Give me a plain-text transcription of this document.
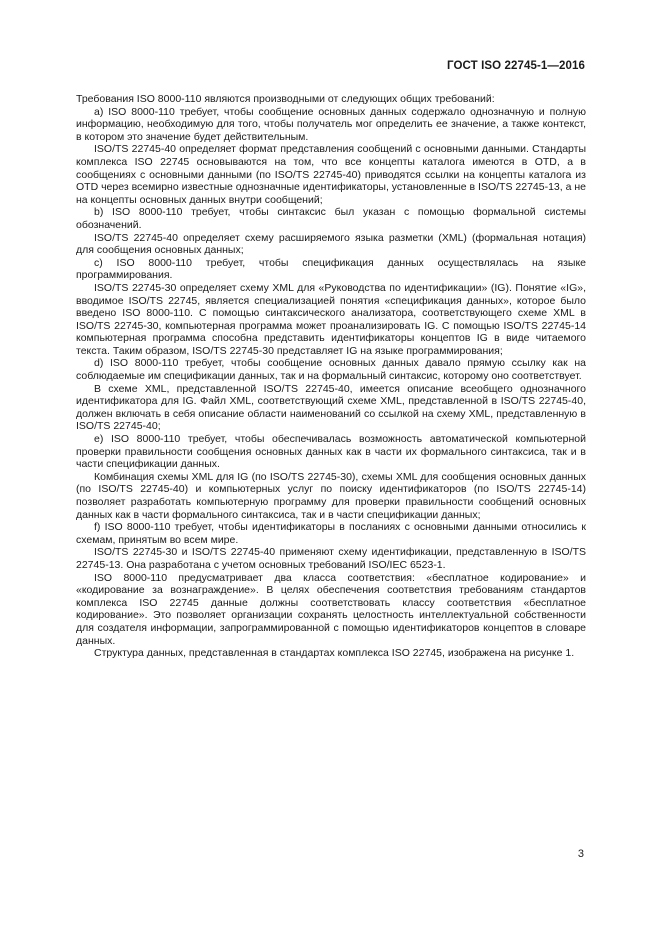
ГОСТ ISO 22745-1—2016

Требования ISO 8000-110 являются производными от следующих общих требований:

а) ISO 8000-110 требует, чтобы сообщение основных данных содержало однозначную и полную информацию, необходимую для того, чтобы получатель мог определить ее значение, а также контекст, в котором это значение будет действительным.

ISO/TS 22745-40 определяет формат представления сообщений с основными данными. Стандарты комплекса ISO 22745 основываются на том, что все концепты каталога имеются в OTD, а в сообщениях с основными данными (по ISO/TS 22745-40) приводятся ссылки на концепты каталога из OTD через всемирно известные однозначные идентификаторы, установленные в ISO/TS 22745-13, а не на концепты основных данных внутри сообщений;

b) ISO 8000-110 требует, чтобы синтаксис был указан с помощью формальной системы обозначений.

ISO/TS 22745-40 определяет схему расширяемого языка разметки (XML) (формальная нотация) для сообщения основных данных;

c) ISO 8000-110 требует, чтобы спецификация данных осуществлялась на языке программирования.

ISO/TS 22745-30 определяет схему XML для «Руководства по идентификации» (IG). Понятие «IG», вводимое ISO/TS 22745, является специализацией понятия «спецификация данных», которое было введено ISO 8000-110. С помощью синтаксического анализатора, соответствующего схеме XML в ISO/TS 22745-30, компьютерная программа может проанализировать IG. С помощью ISO/TS 22745-14 компьютерная программа способна представить идентификаторы концептов IG в виде читаемого текста. Таким образом, ISO/TS 22745-30 представляет IG на языке программирования;

d) ISO 8000-110 требует, чтобы сообщение основных данных давало прямую ссылку как на соблюдаемые им спецификации данных, так и на формальный синтаксис, которому оно соответствует.

В схеме XML, представленной ISO/TS 22745-40, имеется описание всеобщего однозначного идентификатора для IG. Файл XML, соответствующий схеме XML, представленной в ISO/TS 22745-40, должен включать в себя описание области наименований со ссылкой на схему XML, представленную в ISO/TS 22745-40;

е) ISO 8000-110 требует, чтобы обеспечивалась возможность автоматической компьютерной проверки правильности сообщения основных данных как в части их формального синтаксиса, так и в части спецификации данных.

Комбинация схемы XML для IG (по ISO/TS 22745-30), схемы XML для сообщения основных данных (по ISO/TS 22745-40) и компьютерных услуг по поиску идентификаторов (по ISO/TS 22745-14) позволяет разработать компьютерную программу для проверки правильности сообщений основных данных как в части формального синтаксиса, так и в части спецификации данных;

f) ISO 8000-110 требует, чтобы идентификаторы в посланиях с основными данными относились к схемам, принятым во всем мире.

ISO/TS 22745-30 и ISO/TS 22745-40 применяют схему идентификации, представленную в ISO/TS 22745-13. Она разработана с учетом основных требований ISO/IEC 6523-1.

ISO 8000-110 предусматривает два класса соответствия: «бесплатное кодирование» и «кодирование за вознаграждение». В целях обеспечения соответствия требованиям стандартов комплекса ISO 22745 данные должны соответствовать классу соответствия «бесплатное кодирование». Это позволяет организации сохранять целостность интеллектуальной собственности для создателя информации, запрограммированной с помощью идентификаторов концептов в словаре данных.

Структура данных, представленная в стандартах комплекса ISO 22745, изображена на рисунке 1.

3
